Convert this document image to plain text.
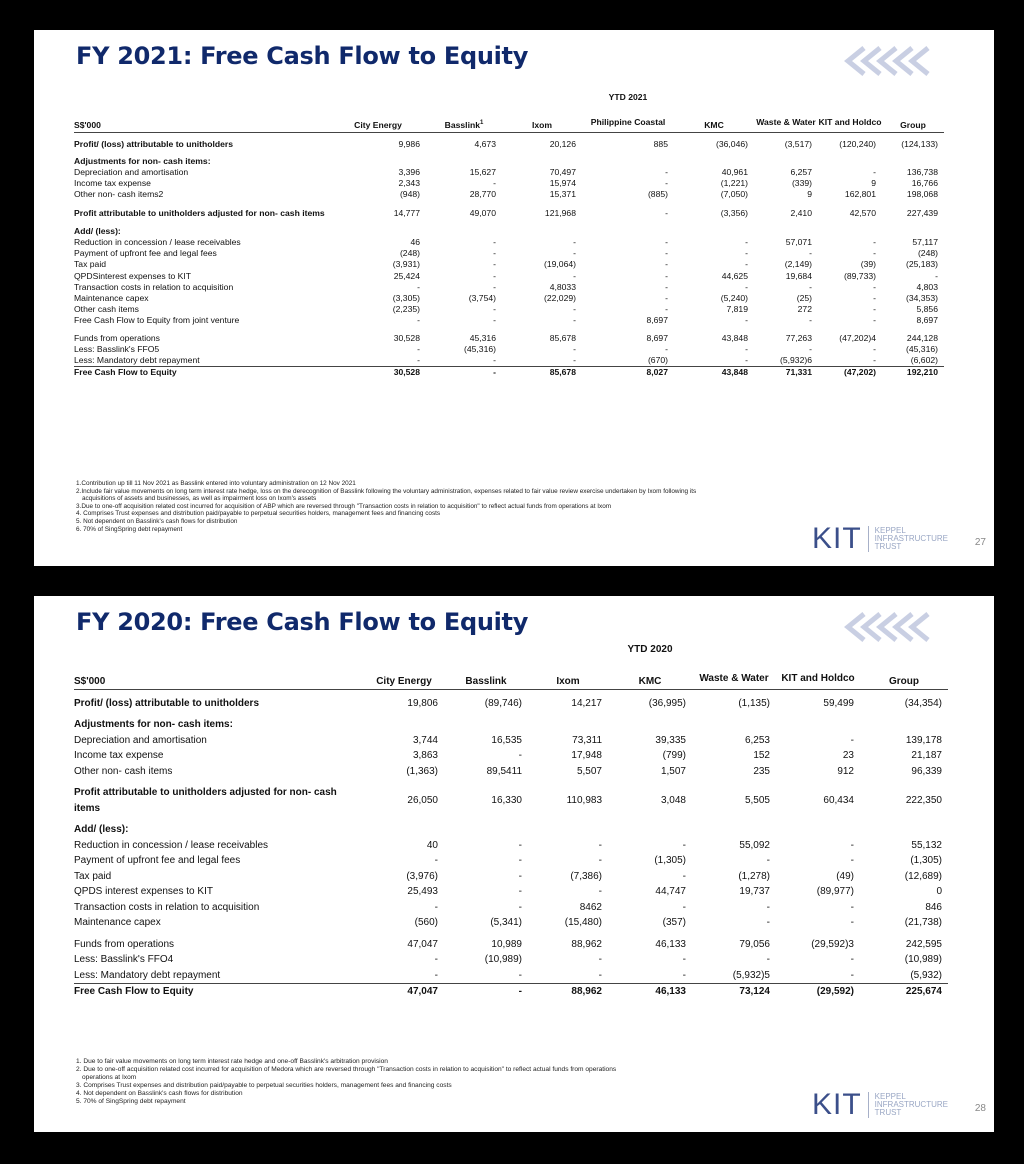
FY 2021: Free Cash Flow to Equity
				YTD 2021				
S$'000	City Energy	Basslink$^1$	Ixom	Philippine Coastal	KMC	Waste & Water	KIT and Holdco	Group

Profit/ (loss) attributable to unitholders	9,986	4,673	20,126	885	(36,046)	(3,517)	(120,240)	(124,133)

Adjustments for non- cash items:								
Depreciation and amortisation	3,396	15,627	70,497	-	40,961	6,257	-	136,738
Income tax expense	2,343	-	15,974	-	(1,221)	(339)	9	16,766
Other non- cash items2	(948)	28,770	15,371	(885)	(7,050)	9	162,801	198,068

Profit attributable to unitholders adjusted for non- cash items	14,777	49,070	121,968	-	(3,356)	2,410	42,570	227,439

Add/ (less):								
Reduction in concession / lease receivables	46	-	-	-	-	57,071	-	57,117
Payment of upfront fee and legal fees	(248)	-	-	-	-	-	-	(248)
Tax paid	(3,931)	-	(19,064)	-	-	(2,149)	(39)	(25,183)
QPDSinterest expenses to KIT	25,424	-	-	-	44,625	19,684	(89,733)	-
Transaction costs in relation to acquisition	-	-	4,8033	-	-	-	-	4,803
Maintenance capex	(3,305)	(3,754)	(22,029)	-	(5,240)	(25)	-	(34,353)
Other cash items	(2,235)	-	-	-	7,819	272	-	5,856
Free Cash Flow to Equity from joint venture	-	-	-	8,697	-	-	-	8,697

Funds from operations	30,528	45,316	85,678	8,697	43,848	77,263	(47,202)4	244,128
Less: Basslink's FFO5	-	(45,316)	-	-	-	-	-	(45,316)
Less: Mandatory debt repayment	-	-	-	(670)	-	(5,932)6	-	(6,602)
Free Cash Flow to Equity	30,528	-	85,678	8,027	43,848	71,331	(47,202)	192,210
1.Contribution up till 11 Nov 2021 as Basslink entered into voluntary administration on 12 Nov 2021
2.Include fair value movements on long term interest rate hedge, loss on the derecognition of Basslink following the voluntary administration, expenses related to fair value review exercise undertaken by Ixom following its
acquisitions of assets and businesses, as well as impairment loss on Ixom's assets
3.Due to one-off acquisition related cost incurred for acquisition of ABP which are reversed through "Transaction costs in relation to acquisition" to reflect actual funds from operations at Ixom
4. Comprises Trust expenses and distribution paid/payable to perpetual securities holders, management fees and financing costs
5. Not dependent on Basslink's cash flows for distribution
6. 70% of SingSpring debt repayment	KIT KEPPEL
INFRASTRUCTURE
TRUST	27
FY 2020: Free Cash Flow to Equity
				YTD 2020			
S$'000	City Energy	Basslink	Ixom	KMC	Waste & Water	KIT and Holdco	Group

Profit/ (loss) attributable to unitholders	19,806	(89,746)	14,217	(36,995)	(1,135)	59,499	(34,354)

Adjustments for non- cash items:							
Depreciation and amortisation	3,744	16,535	73,311	39,335	6,253	-	139,178
Income tax expense	3,863	-	17,948	(799)	152	23	21,187
Other non- cash items	(1,363)	89,5411	5,507	1,507	235	912	96,339

Profit attributable to unitholders adjusted for non- cash items	26,050	16,330	110,983	3,048	5,505	60,434	222,350

Add/ (less):							
Reduction in concession / lease receivables	40	-	-	-	55,092	-	55,132
Payment of upfront fee and legal fees	-	-	-	(1,305)	-	-	(1,305)
Tax paid	(3,976)	-	(7,386)	-	(1,278)	(49)	(12,689)
QPDS interest expenses to KIT	25,493	-	-	44,747	19,737	(89,977)	0
Transaction costs in relation to acquisition	-	-	8462	-	-	-	846
Maintenance capex	(560)	(5,341)	(15,480)	(357)	-	-	(21,738)

Funds from operations	47,047	10,989	88,962	46,133	79,056	(29,592)3	242,595
Less: Basslink's FFO4	-	(10,989)	-	-	-	-	(10,989)
Less: Mandatory debt repayment	-	-	-	-	(5,932)5	-	(5,932)
Free Cash Flow to Equity	47,047	-	88,962	46,133	73,124	(29,592)	225,674
1. Due to fair value movements on long term interest rate hedge and one-off Basslink's arbitration provision
2. Due to one-off acquisition related cost incurred for acquisition of Medora which are reversed through "Transaction costs in relation to acquisition" to reflect actual funds from operations
operations at Ixom
3. Comprises Trust expenses and distribution paid/payable to perpetual securities holders, management fees and financing costs
4. Not dependent on Basslink's cash flows for distribution
5. 70% of SingSpring debt repayment	KIT KEPPEL
INFRASTRUCTURE
TRUST	28
